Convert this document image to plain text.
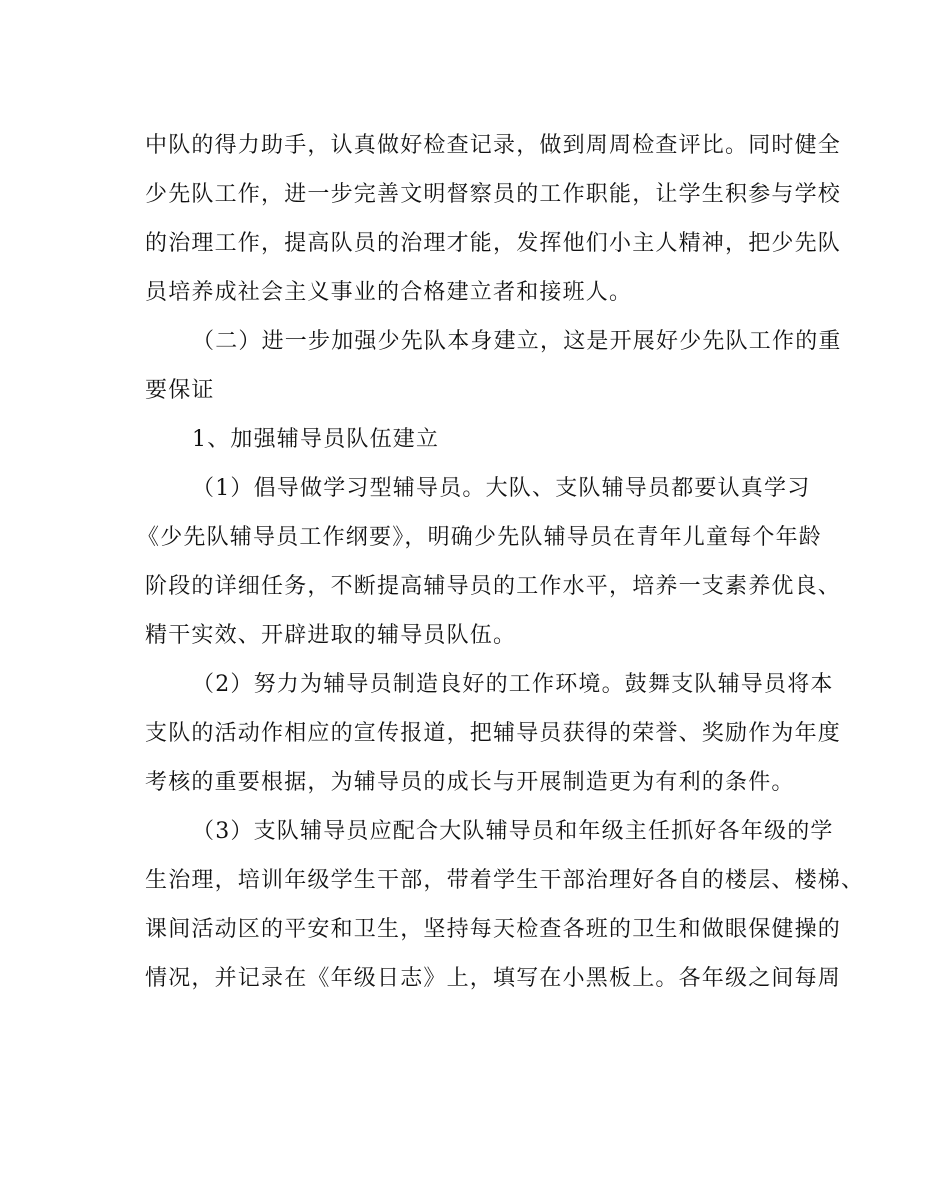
中队的得力助手，认真做好检查记录，做到周周检查评比。同时健全
少先队工作，进一步完善文明督察员的工作职能，让学生积参与学校
的治理工作，提高队员的治理才能，发挥他们小主人精神，把少先队
员培养成社会主义事业的合格建立者和接班人。
（二）进一步加强少先队本身建立，这是开展好少先队工作的重
要保证
1、加强辅导员队伍建立
（1）倡导做学习型辅导员。大队、支队辅导员都要认真学习
《少先队辅导员工作纲要》，明确少先队辅导员在青年儿童每个年龄
阶段的详细任务，不断提高辅导员的工作水平，培养一支素养优良、
精干实效、开辟进取的辅导员队伍。
（2）努力为辅导员制造良好的工作环境。鼓舞支队辅导员将本
支队的活动作相应的宣传报道，把辅导员获得的荣誉、奖励作为年度
考核的重要根据，为辅导员的成长与开展制造更为有利的条件。
（3）支队辅导员应配合大队辅导员和年级主任抓好各年级的学
生治理，培训年级学生干部，带着学生干部治理好各自的楼层、楼梯、
课间活动区的平安和卫生，坚持每天检查各班的卫生和做眼保健操的
情况，并记录在《年级日志》上，填写在小黑板上。各年级之间每周
